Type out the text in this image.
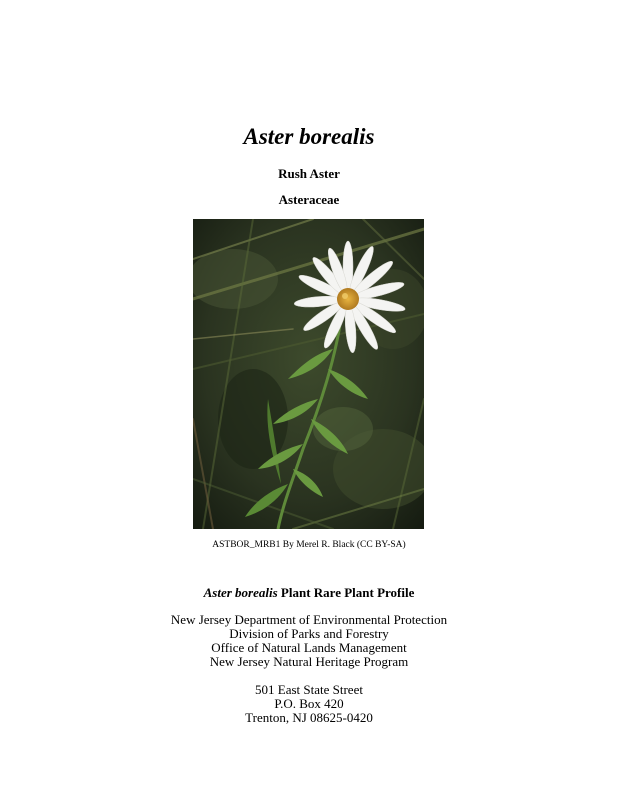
Aster borealis
Rush Aster
Asteraceae
ASTBOR_MRB1 By Merel R. Black (CC BY-SA)
Aster borealis Plant Rare Plant Profile
New Jersey Department of Environmental Protection
Division of Parks and Forestry
Office of Natural Lands Management
New Jersey Natural Heritage Program
501 East State Street
P.O. Box 420
Trenton, NJ 08625-0420
